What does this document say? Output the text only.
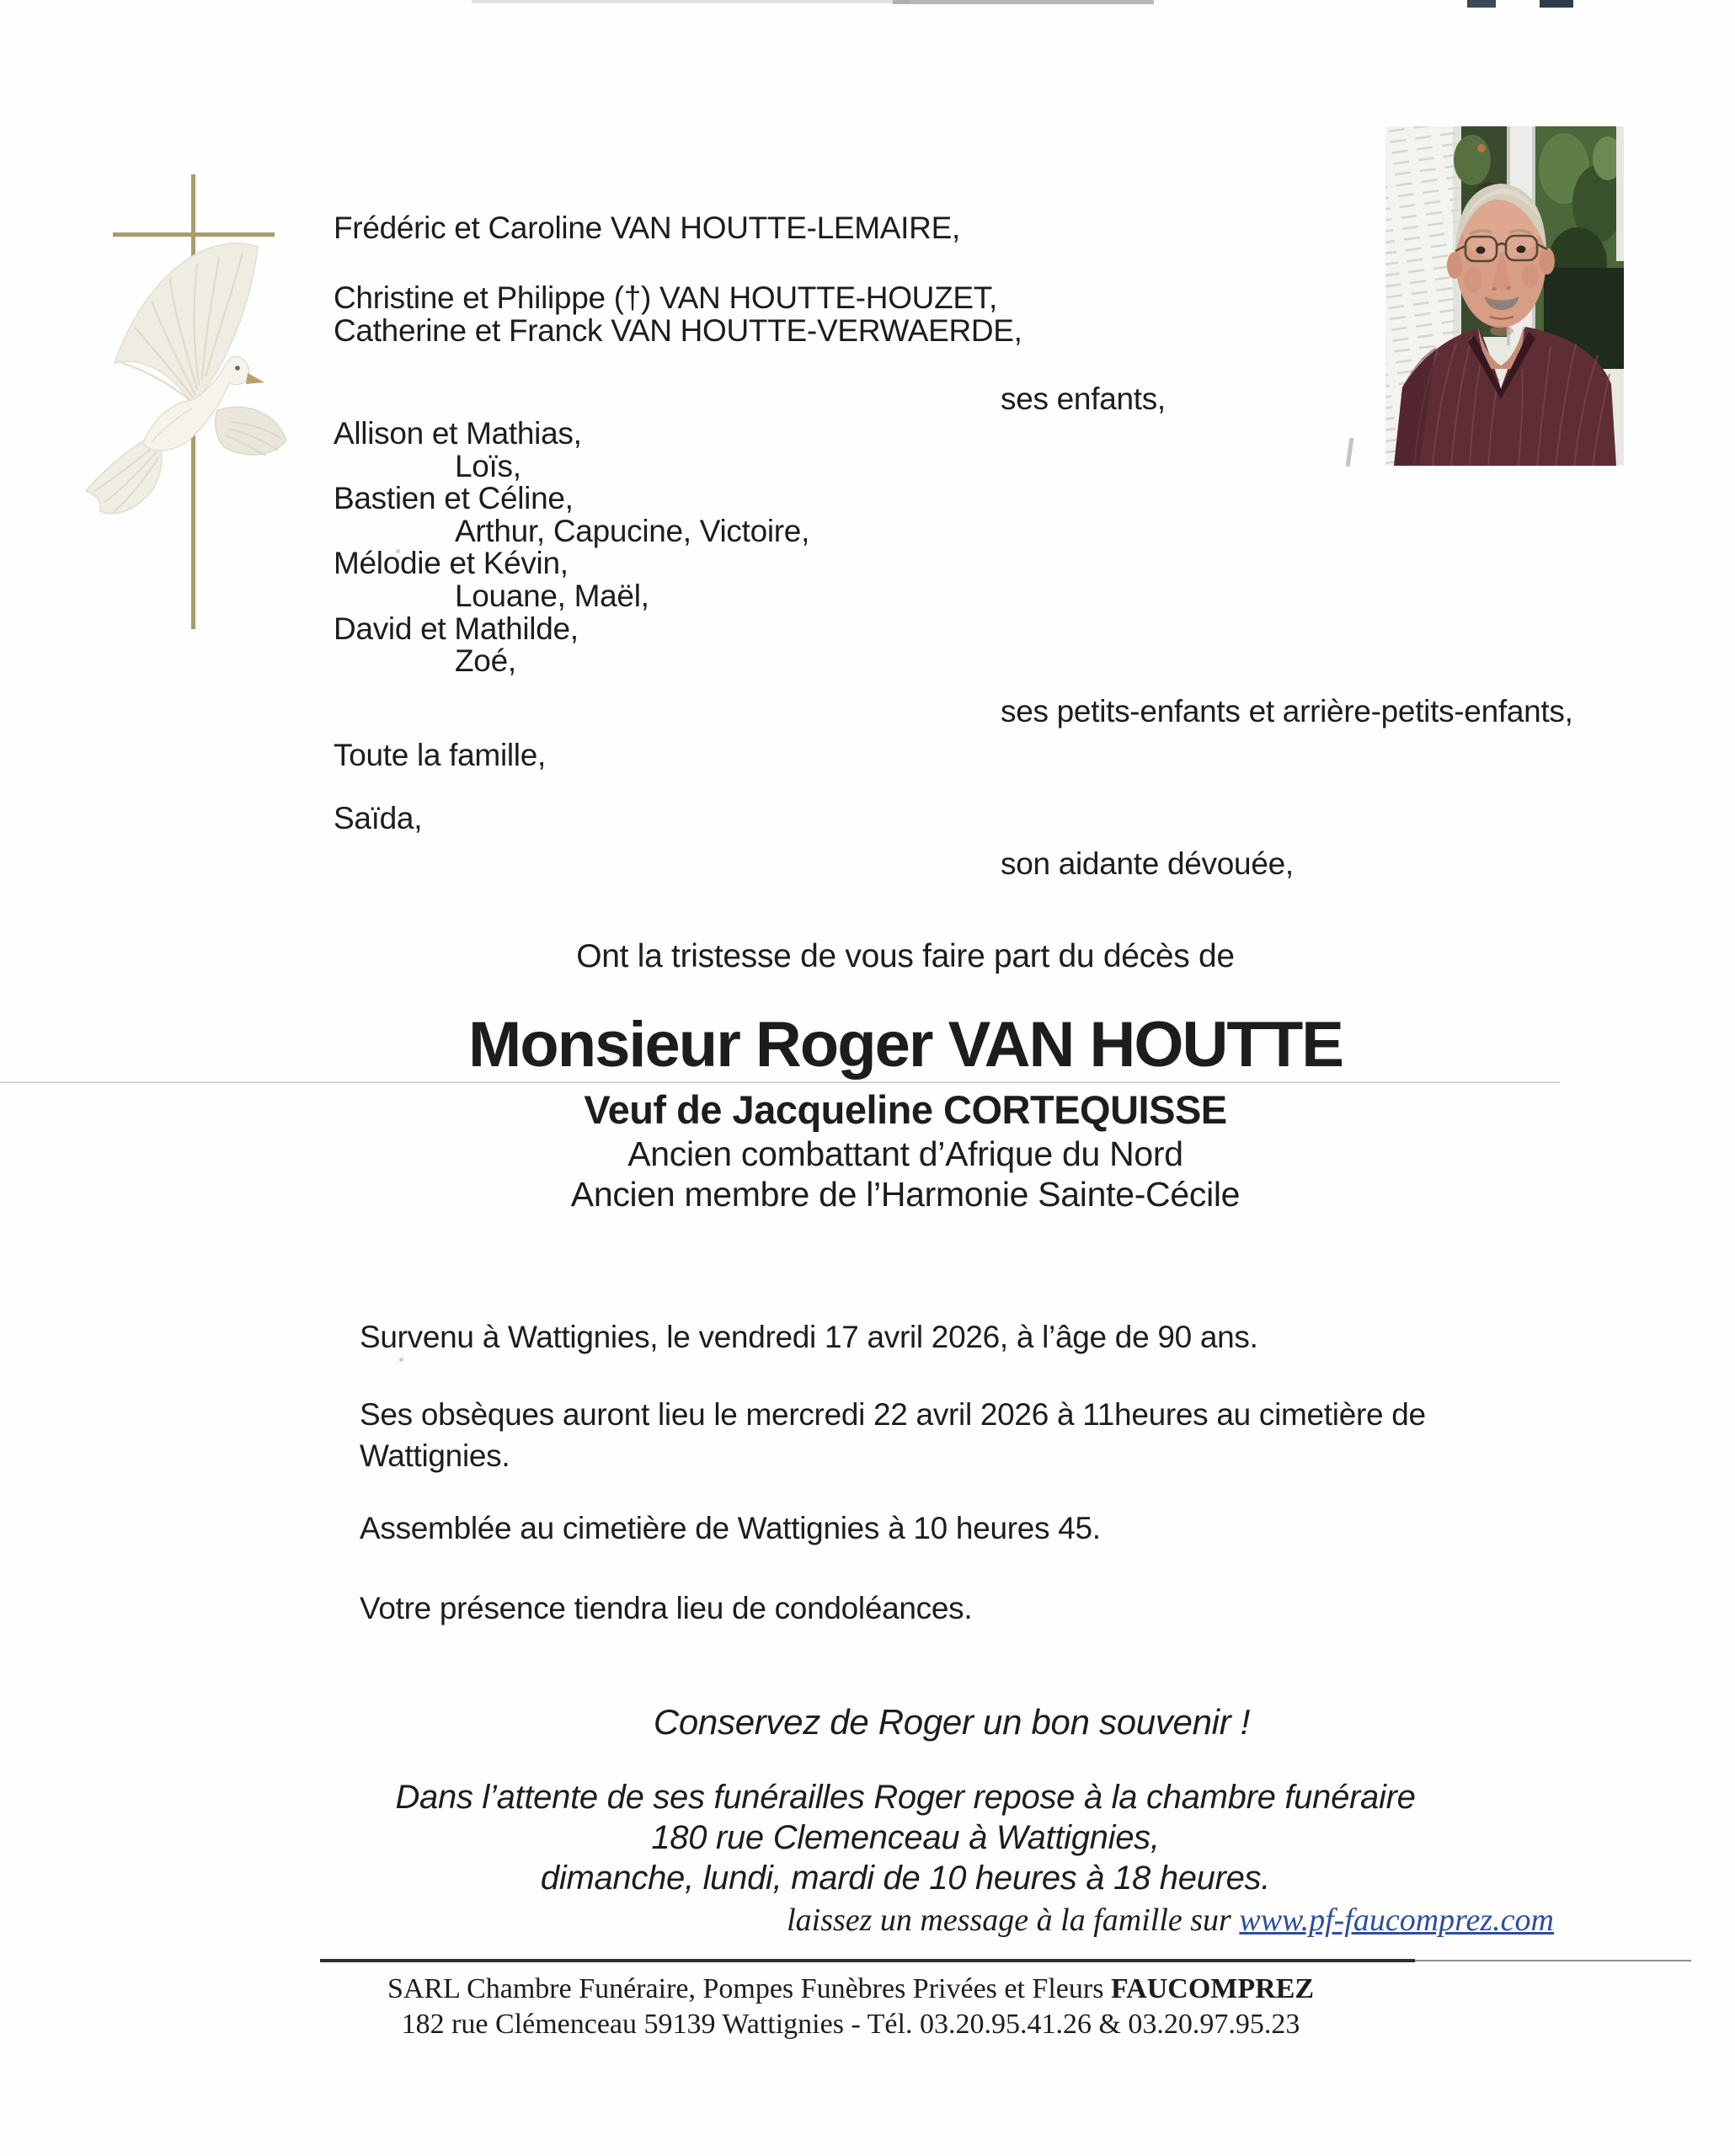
Frédéric et Caroline VAN HOUTTE-LEMAIRE,
Christine et Philippe (†) VAN HOUTTE-HOUZET,
Catherine et Franck VAN HOUTTE-VERWAERDE,
ses enfants,
Allison et Mathias,
Loïs,
Bastien et Céline,
Arthur, Capucine, Victoire,
Mélodie et Kévin,
Louane, Maël,
David et Mathilde,
Zoé,
ses petits-enfants et arrière-petits-enfants,
Toute la famille,
Saïda,
son aidante dévouée,
Ont la tristesse de vous faire part du décès de
Monsieur Roger VAN HOUTTE
Veuf de Jacqueline CORTEQUISSE
Ancien combattant d’Afrique du Nord
Ancien membre de l’Harmonie Sainte-Cécile
Survenu à Wattignies, le vendredi 17 avril 2026, à l’âge de 90 ans.
Ses obsèques auront lieu le mercredi 22 avril 2026 à 11heures au cimetière de
Wattignies.
Assemblée au cimetière de Wattignies à 10 heures 45.
Votre présence tiendra lieu de condoléances.
Conservez de Roger un bon souvenir !
Dans l’attente de ses funérailles Roger repose à la chambre funéraire
180 rue Clemenceau à Wattignies,
dimanche, lundi, mardi de 10 heures à 18 heures.
laissez un message à la famille sur www.pf-faucomprez.com
SARL Chambre Funéraire, Pompes Funèbres Privées et Fleurs FAUCOMPREZ
182 rue Clémenceau 59139 Wattignies - Tél. 03.20.95.41.26 & 03.20.97.95.23
